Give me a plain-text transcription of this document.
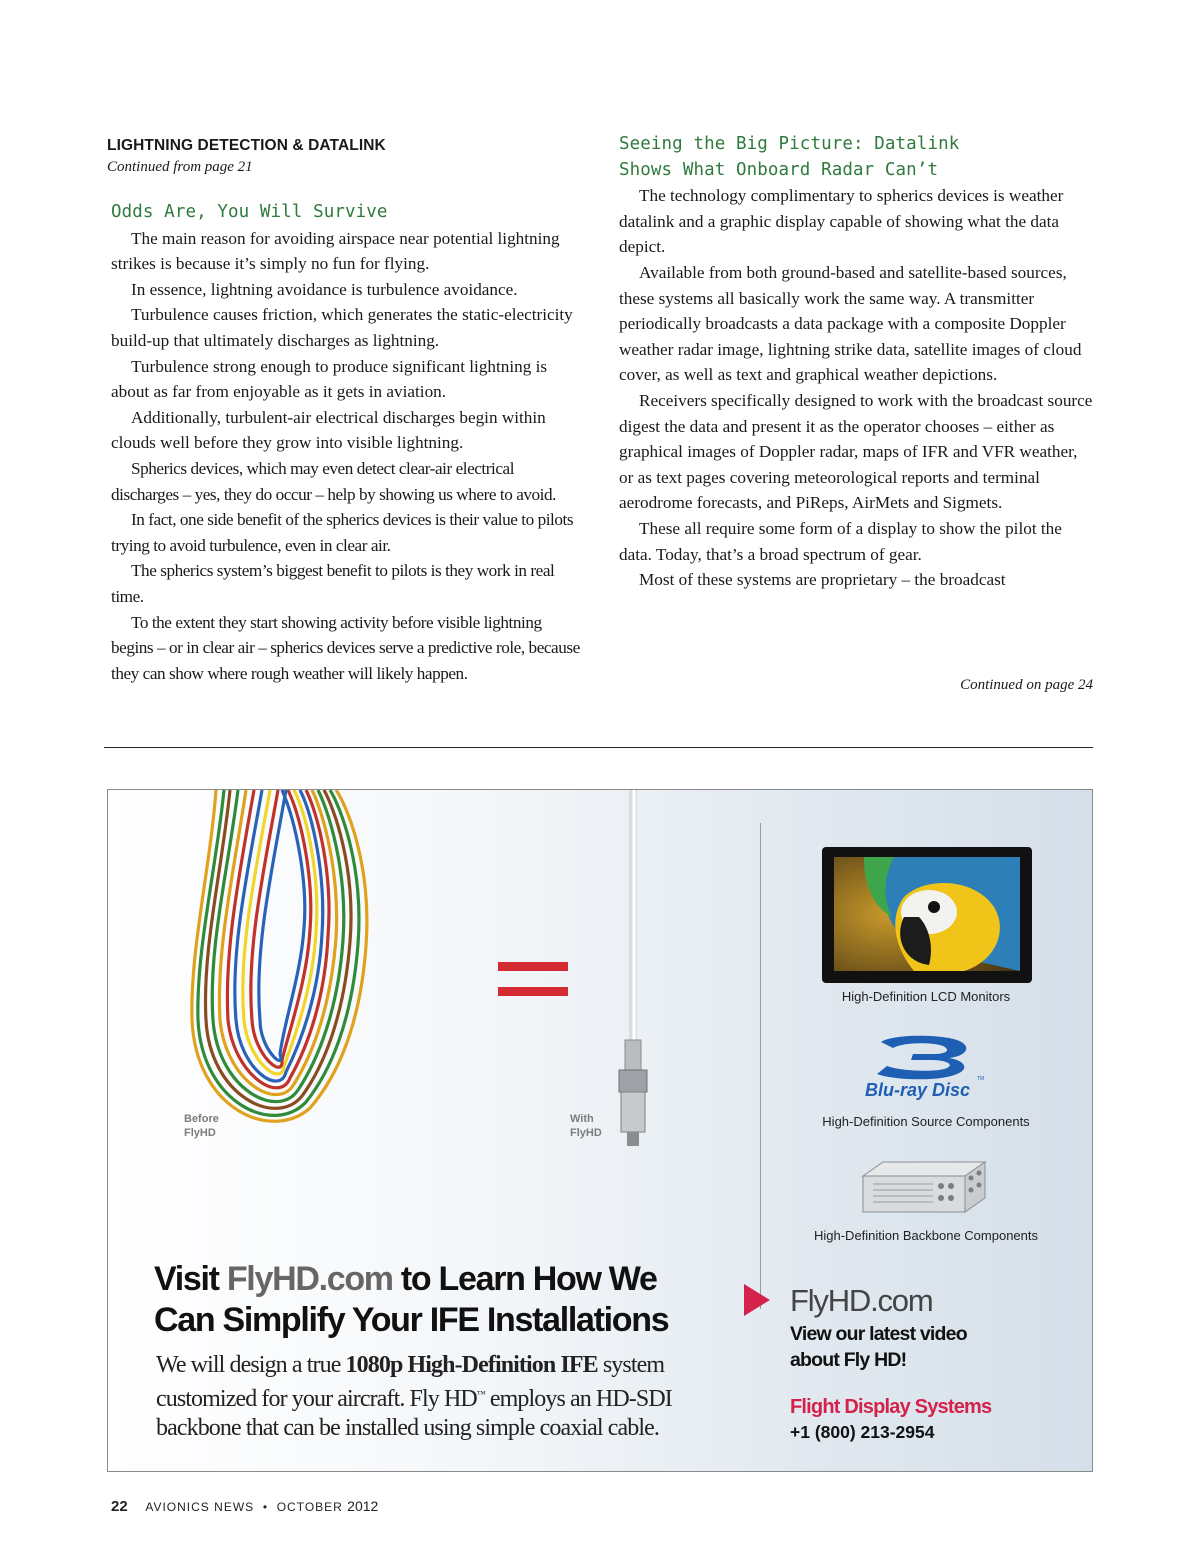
LIGHTNING DETECTION & DATALINK
Continued from page 21
Odds Are, You Will Survive

The main reason for avoiding airspace near potential lightning strikes is because it’s simply no fun for flying.

In essence, lightning avoidance is turbulence avoidance.

Turbulence causes friction, which generates the static-electricity build-up that ultimately discharges as lightning.

Turbulence strong enough to produce significant lightning is about as far from enjoyable as it gets in aviation.

Additionally, turbulent-air electrical discharges begin within clouds well before they grow into visible lightning.

Spherics devices, which may even detect clear-air electrical discharges – yes, they do occur – help by showing us where to avoid.

In fact, one side benefit of the spherics devices is their value to pilots trying to avoid turbulence, even in clear air.

The spherics system’s biggest benefit to pilots is they work in real time.

To the extent they start showing activity before visible lightning begins – or in clear air – spherics devices serve a predictive role, because they can show where rough weather will likely happen.

Seeing the Big Picture: Datalink
Shows What Onboard Radar Can’t

The technology complimentary to spherics devices is weather datalink and a graphic display capable of showing what the data depict.

Available from both ground-based and satellite-based sources, these systems all basically work the same way. A transmitter periodically broadcasts a data package with a composite Doppler weather radar image, lightning strike data, satellite images of cloud cover, as well as text and graphical weather depictions.

Receivers specifically designed to work with the broadcast source digest the data and present it as the operator chooses – either as graphical images of Doppler radar, maps of IFR and VFR weather, or as text pages covering meteorological reports and terminal aerodrome forecasts, and PiReps, AirMets and Sigmets.

These all require some form of a display to show the pilot the data. Today, that’s a broad spectrum of gear.

Most of these systems are proprietary – the broadcast

Continued on page 24
Before
FlyHD
With
FlyHD
High-Definition LCD Monitors
Blu-ray Disc
TM
High-Definition Source Components
High-Definition Backbone Components
Visit FlyHD.com to Learn How We
Can Simplify Your IFE Installations
We will design a true 1080p High-Definition IFE system customized for your aircraft. Fly HD™ employs an HD-SDI backbone that can be installed using simple coaxial cable.
FlyHD.com
View our latest video
about Fly HD!
Flight Display Systems
+1 (800) 213-2954
22 AVIONICS NEWS • OCTOBER 2012
